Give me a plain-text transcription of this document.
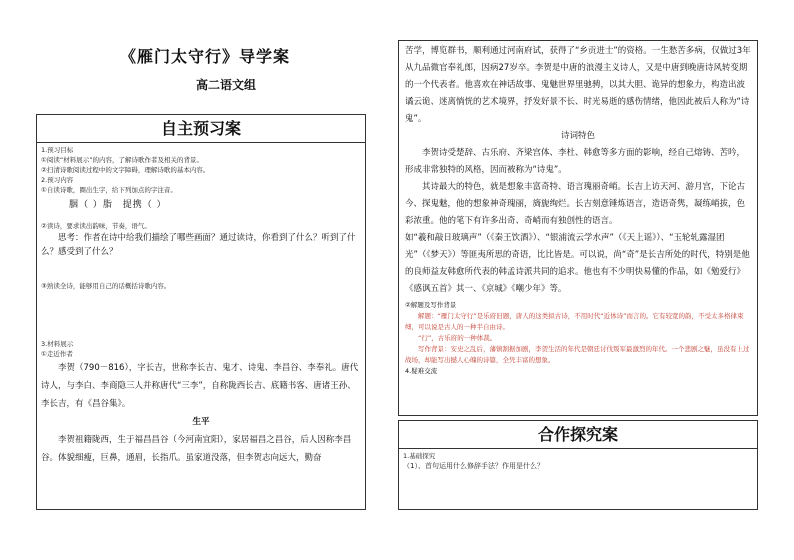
《雁门太守行》导学案
高二语文组
自主预习案
1.预习目标
①阅读“材料展示”的内容，了解诗歌作者及相关的背景。
②扫清诗歌阅读过程中的文字障碍，理解诗歌的基本内容。
2.预习内容
①自读诗歌，圈出生字，给下列加点的字注音。
胭（ ）脂 提携（ ）
②读诗，要求读出韵味，节奏，语气。
思考：作者在诗中给我们描绘了哪些画面？通过读诗，你看到了什么？听到了什么？感受到了什么？
③熟读全诗，能够用自己的话概括诗歌内容。
3.材料展示
①走近作者
李贺（790－816），字长吉，世称李长吉、鬼才、诗鬼、李昌谷、李奉礼。唐代诗人，与李白、李商隐三人并称唐代“三李”，自称陇西长吉、底籍书客、唐诸王孙、李长吉，有《昌谷集》。
生平
李贺祖籍陇西，生于福昌昌谷（今河南宜阳），家居福昌之昌谷，后人因称李昌谷。体貌细瘦，巨鼻，通眉，长指爪。虽家道没落，但李贺志向远大，勤奋

苦学，博览群书，顺利通过河南府试，获得了“乡贡进士”的资格。一生愁苦多病，仅做过3年从九品微官奉礼郎，因病27岁卒。李贺是中唐的浪漫主义诗人，又是中唐到晚唐诗风转变期的一个代表者。他喜欢在神话故事、鬼魅世界里驰骋，以其大胆、诡异的想象力，构造出波谲云诡、迷离惝恍的艺术境界，抒发好景不长、时光易逝的感伤情绪，他因此被后人称为“诗鬼”。

诗词特色

李贺诗受楚辞、古乐府、齐梁宫体、李杜、韩愈等多方面的影响，经自己熔铸、苦吟，形成非常独特的风格，因而被称为“诗鬼”。

其诗最大的特色，就是想象丰富奇特、语言瑰丽奇峭。长吉上访天河、游月宫，下论古今、探鬼魅，他的想象神奇瑰丽，旖旎绚烂。长吉刻意锤炼语言，造语奇隽，凝练峭拔，色彩浓重。他的笔下有许多出奇、奇峭而有独创性的语言。

如“羲和敲日玻璃声”（《秦王饮酒》）、“银浦流云学水声”（《天上谣》）、“玉轮轧露湿团光”（《梦天》）等匪夷所思的奇语，比比皆是。可以说，尚“奇”是长吉所处的时代，特别是他的良师益友韩愈所代表的韩孟诗派共同的追求。他也有不少明快易懂的作品，如《勉爱行》《感讽五首》其一、《京城》《嘲少年》等。

②解题及写作背景
解题：“雁门太守行”是乐府旧题，唐人的这类拟古诗，不用时代“近体诗”而言的。它有较宽的韵，不受太多格律束缚，可以说是古人的一种半自由诗。
“行”，古乐府的一种体裁。
写作背景：安史之乱后，藩镇割据加剧，李贺生活的年代是朝廷讨伐叛军最激烈的年代。一个悲剧之魅，虽没有上过战场，却能写出撼人心魄的诗篇，全凭丰富的想象。
4.疑难交流
合作探究案
1.基础探究
（1）、首句运用什么修辞手法？作用是什么？
